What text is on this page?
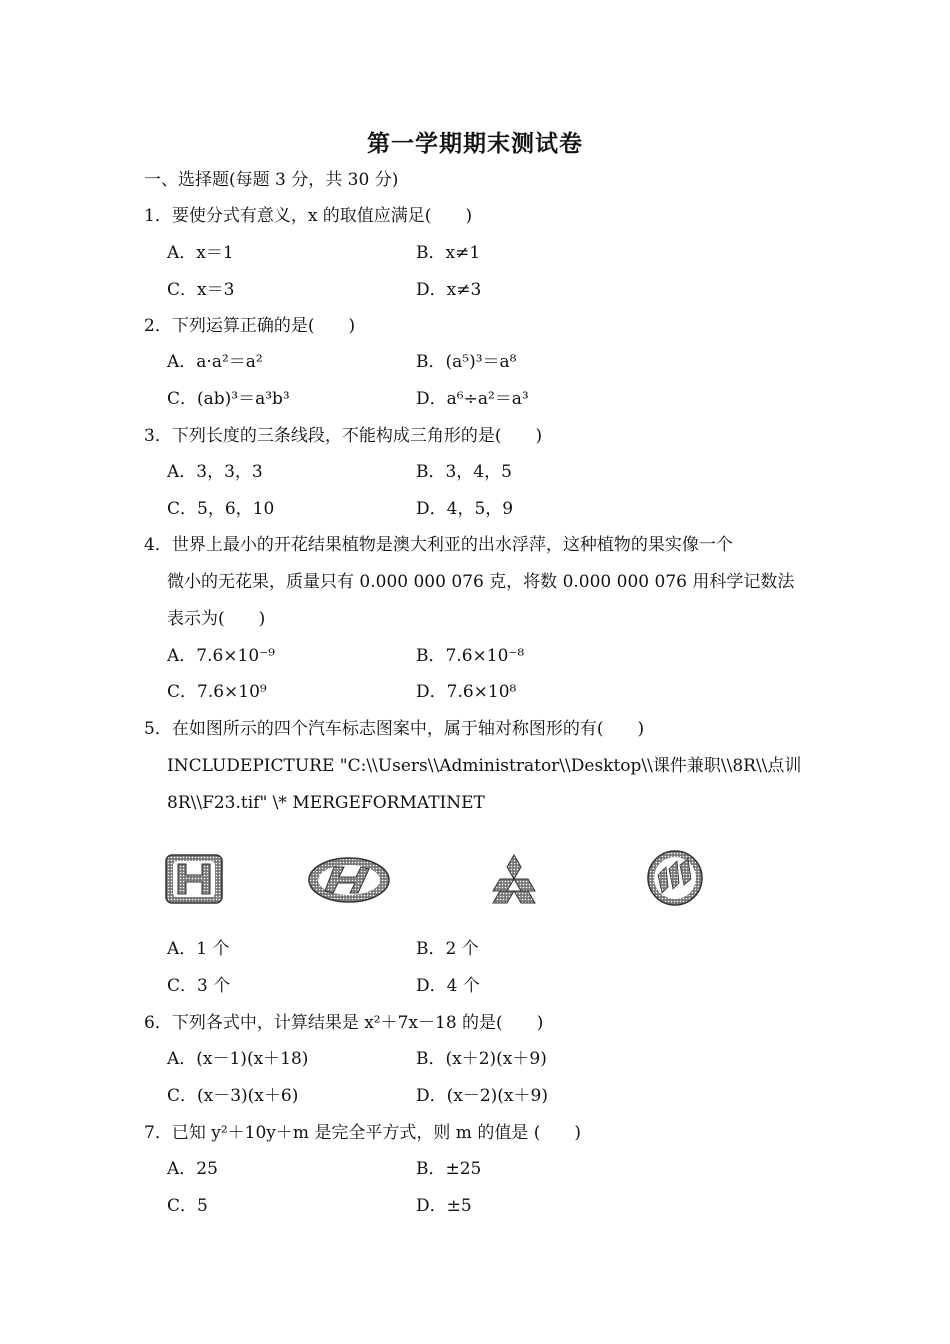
第一学期期末测试卷
一、选择题(每题 3 分，共 30 分)
1．要使分式有意义，x 的取值应满足(　　)
A．x＝1	B．x≠1
C．x＝3	D．x≠3
2．下列运算正确的是(　　)
A．a·a²＝a²	B．(a⁵)³＝a⁸
C．(ab)³＝a³b³	D．a⁶÷a²＝a³
3．下列长度的三条线段，不能构成三角形的是(　　)
A．3，3，3	B．3，4，5
C．5，6，10	D．4，5，9
4．世界上最小的开花结果植物是澳大利亚的出水浮萍，这种植物的果实像一个
微小的无花果，质量只有 0.000 000 076 克，将数 0.000 000 076 用科学记数法
表示为(　　)
A．7.6×10⁻⁹	B．7.6×10⁻⁸
C．7.6×10⁹	D．7.6×10⁸
5．在如图所示的四个汽车标志图案中，属于轴对称图形的有(　　)
INCLUDEPICTURE "C:\\Users\\Administrator\\Desktop\\课件兼职\\8R\\点训
8R\\F23.tif" \* MERGEFORMATINET
A．1 个	B．2 个
C．3 个	D．4 个
6．下列各式中，计算结果是 x²＋7x－18 的是(　　)
A．(x－1)(x＋18)	B．(x＋2)(x＋9)
C．(x－3)(x＋6)	D．(x－2)(x＋9)
7．已知 y²＋10y＋m 是完全平方式，则 m 的值是 (　　)
A．25	B．±25
C．5	D．±5
